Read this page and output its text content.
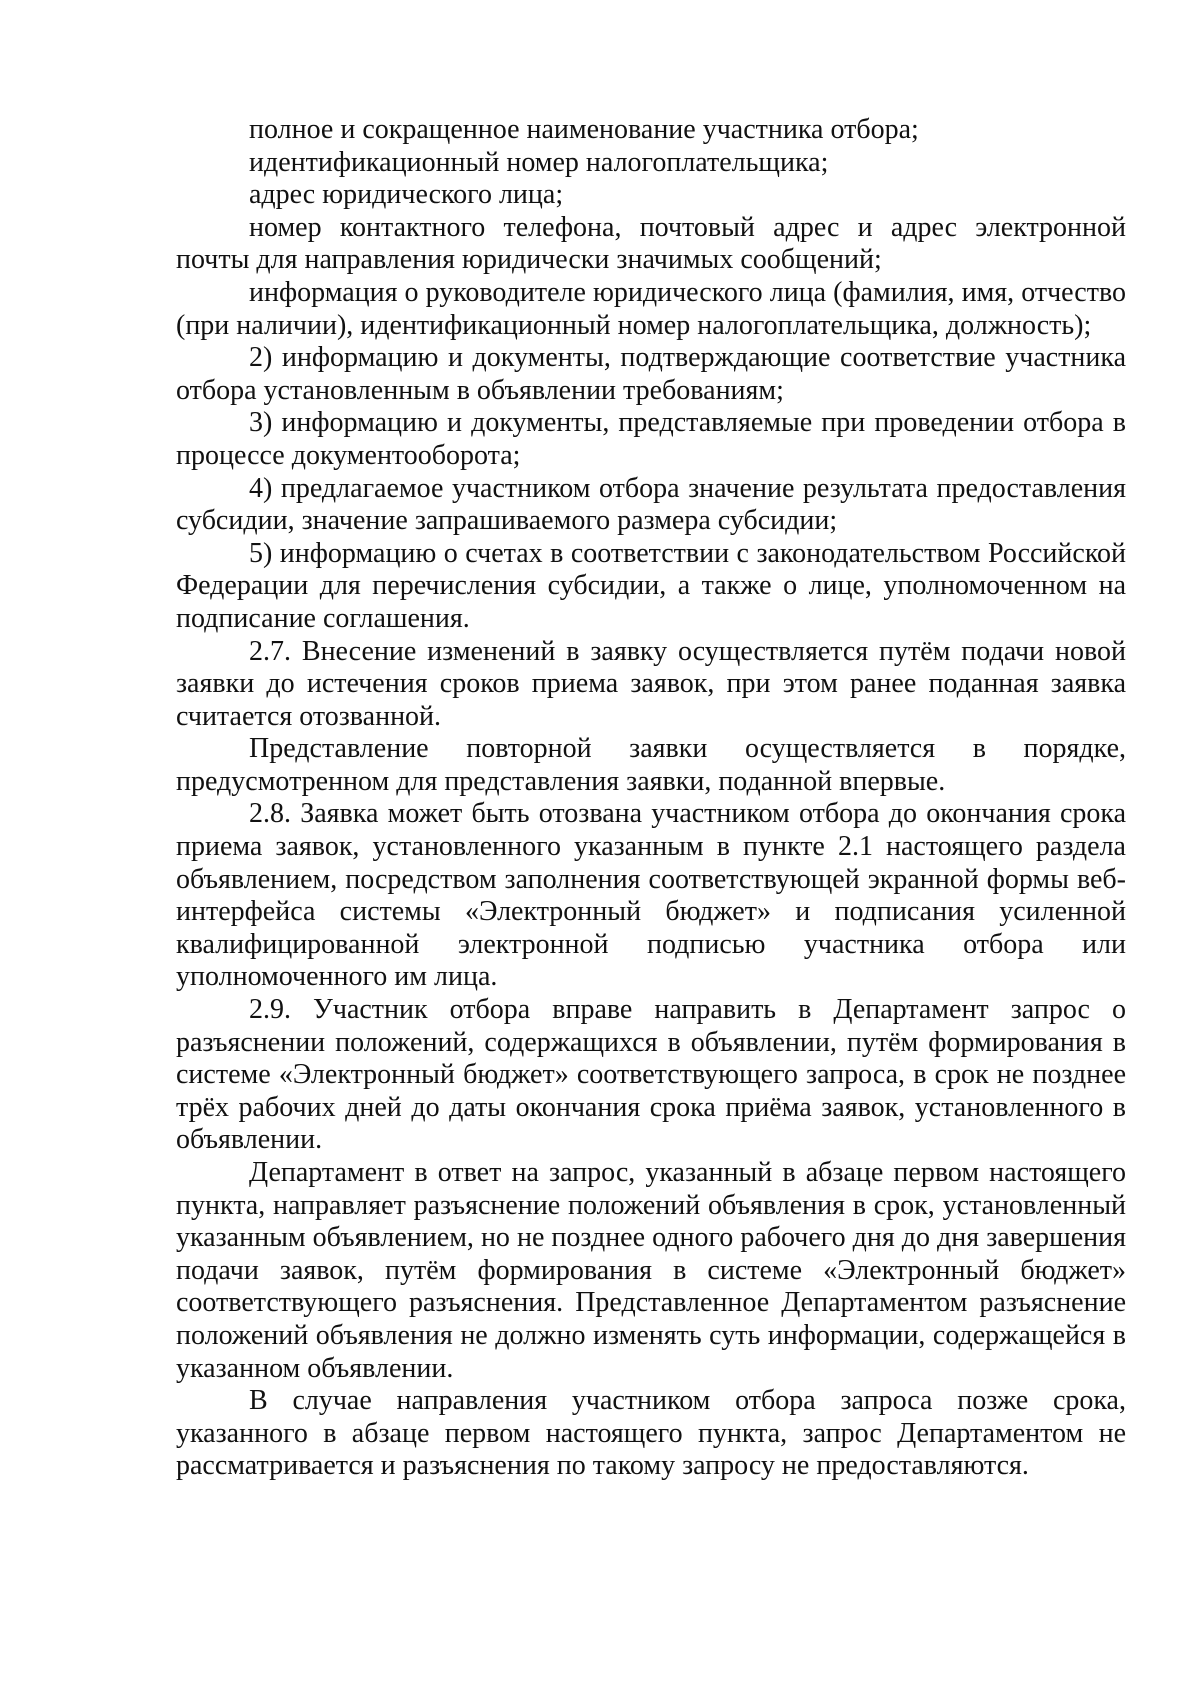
полное и сокращенное наименование участника отбора;

идентификационный номер налогоплательщика;

адрес юридического лица;

номер контактного телефона, почтовый адрес и адрес электронной почты для направления юридически значимых сообщений;

информация о руководителе юридического лица (фамилия, имя, отчество (при наличии), идентификационный номер налогоплательщика, должность);

2) информацию и документы, подтверждающие соответствие участника отбора установленным в объявлении требованиям;

3) информацию и документы, представляемые при проведении отбора в процессе документооборота;

4) предлагаемое участником отбора значение результата предоставления субсидии, значение запрашиваемого размера субсидии;

5) информацию о счетах в соответствии с законодательством Российской Федерации для перечисления субсидии, а также о лице, уполномоченном на подписание соглашения.

2.7. Внесение изменений в заявку осуществляется путём подачи новой заявки до истечения сроков приема заявок, при этом ранее поданная заявка считается отозванной.

Представление повторной заявки осуществляется в порядке, предусмотренном для представления заявки, поданной впервые.

2.8. Заявка может быть отозвана участником отбора до окончания срока приема заявок, установленного указанным в пункте 2.1 настоящего раздела объявлением, посредством заполнения соответствующей экранной формы веб-интерфейса системы «Электронный бюджет» и подписания усиленной квалифицированной электронной подписью участника отбора или уполномоченного им лица.

2.9. Участник отбора вправе направить в Департамент запрос о разъяснении положений, содержащихся в объявлении, путём формирования в системе «Электронный бюджет» соответствующего запроса, в срок не позднее трёх рабочих дней до даты окончания срока приёма заявок, установленного в объявлении.

Департамент в ответ на запрос, указанный в абзаце первом настоящего пункта, направляет разъяснение положений объявления в срок, установленный указанным объявлением, но не позднее одного рабочего дня до дня завершения подачи заявок, путём формирования в системе «Электронный бюджет» соответствующего разъяснения. Представленное Департаментом разъяснение положений объявления не должно изменять суть информации, содержащейся в указанном объявлении.

В случае направления участником отбора запроса позже срока, указанного в абзаце первом настоящего пункта, запрос Департаментом не рассматривается и разъяснения по такому запросу не предоставляются.
